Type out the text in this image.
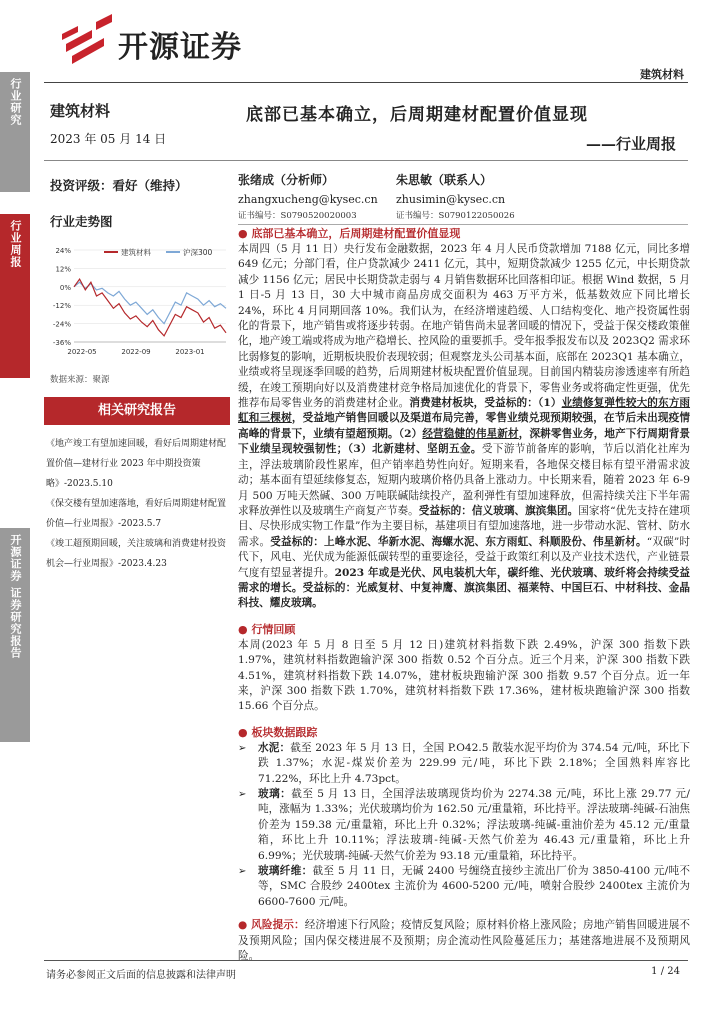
开源证券
建筑材料
行业研究
行业周报
开源证券 证券研究报告
建筑材料
2023 年 05 月 14 日
底部已基本确立，后周期建材配置价值显现
——行业周报
投资评级：看好（维持）	张绪成（分析师）
zhangxucheng@kysec.cn
证书编号：S0790520020003
朱思敏（联系人）
zhusimin@kysec.cn
证书编号：S0790122050026
行业走势图
24%
12%
0%
-12%
-24%
-36%
2022-05	2022-09	2023-01
建筑材料	沪深300
数据来源：聚源
相关研究报告

《地产竣工有望加速回暖，看好后周期建材配置价值—建材行业 2023 年中期投资策略》-2023.5.10

《保交楼有望加速落地，看好后周期建材配置价值—行业周报》-2023.5.7

《竣工超预期回暖，关注玻璃和消费建材投资机会—行业周报》-2023.4.23

● 底部已基本确立，后周期建材配置价值显现

本周四（5 月 11 日）央行发布金融数据，2023 年 4 月人民币贷款增加 7188 亿元，同比多增 649 亿元；分部门看，住户贷款减少 2411 亿元，其中，短期贷款减少 1255 亿元，中长期贷款减少 1156 亿元；居民中长期贷款走弱与 4 月销售数据环比回落相印证。根据 Wind 数据，5 月 1 日-5 月 13 日，30 大中城市商品房成交面积为 463 万平方米，低基数效应下同比增长 24%，环比 4 月同期回落 10%。我们认为，在经济增速趋缓、人口结构变化、地产投资属性弱化的背景下，地产销售或将逐步转弱。在地产销售尚未显著回暖的情况下，受益于保交楼政策催化，地产竣工端或将成为地产稳增长、控风险的重要抓手。受年报季报发布以及 2023Q2 需求环比弱修复的影响，近期板块股价表现较弱；但观察龙头公司基本面，底部在 2023Q1 基本确立，业绩或将呈现逐季回暖的趋势，后周期建材板块配置价值显现。目前国内精装房渗透速率有所趋缓，在竣工预期向好以及消费建材竞争格局加速优化的背景下，零售业务或将确定性更强，优先推荐布局零售业务的消费建材企业。消费建材板块，受益标的：（1）业绩修复弹性较大的东方雨虹和三棵树，受益地产销售回暖以及渠道布局完善，零售业绩兑现预期较强，在节后未出现疫情高峰的背景下，业绩有望超预期。（2）经营稳健的伟星新材，深耕零售业务，地产下行周期背景下业绩呈现较强韧性；（3）北新建材、坚朗五金。受下游节前备库的影响，节后以消化社库为主，浮法玻璃阶段性累库，但产销率趋势性向好。短期来看，各地保交楼目标有望平滑需求波动；基本面有望延续修复态，短期内玻璃价格仍具备上涨动力。中长期来看，随着 2023 年 6-9 月 500 万吨天然碱、300 万吨联碱陆续投产，盈利弹性有望加速释放，但需持续关注下半年需求释放弹性以及玻璃生产商复产节奏。受益标的：信义玻璃、旗滨集团。国家将“优先支持在建项目、尽快形成实物工作量”作为主要目标，基建项目有望加速落地，进一步带动水泥、管材、防水需求。受益标的：上峰水泥、华新水泥、海螺水泥、东方雨虹、科顺股份、伟星新材。“双碳”时代下，风电、光伏成为能源低碳转型的重要途径，受益于政策红利以及产业技术迭代，产业链景气度有望显著提升。2023 年或是光伏、风电装机大年，碳纤维、光伏玻璃、玻纤将会持续受益需求的增长。受益标的：光威复材、中复神鹰、旗滨集团、福莱特、中国巨石、中材科技、金晶科技、耀皮玻璃。

● 行情回顾

本周(2023 年 5 月 8 日至 5 月 12 日)建筑材料指数下跌 2.49%，沪深 300 指数下跌 1.97%，建筑材料指数跑输沪深 300 指数 0.52 个百分点。近三个月来，沪深 300 指数下跌 4.51%，建筑材料指数下跌 14.07%，建材板块跑输沪深 300 指数 9.57 个百分点。近一年来，沪深 300 指数下跌 1.70%，建筑材料指数下跌 17.36%，建材板块跑输沪深 300 指数 15.66 个百分点。

● 板块数据跟踪
➢	水泥：截至 2023 年 5 月 13 日，全国 P.O42.5 散装水泥平均价为 374.54 元/吨，环比下跌 1.37%；水泥-煤炭价差为 229.99 元/吨，环比下跌 2.18%；全国熟料库容比 71.22%，环比上升 4.73pct。
➢	玻璃：截至 5 月 13 日，全国浮法玻璃现货均价为 2274.38 元/吨，环比上涨 29.77 元/吨，涨幅为 1.33%；光伏玻璃均价为 162.50 元/重量箱，环比持平。浮法玻璃-纯碱-石油焦价差为 159.38 元/重量箱，环比上升 0.32%；浮法玻璃-纯碱-重油价差为 45.12 元/重量箱，环比上升 10.11%；浮法玻璃-纯碱-天然气价差为 46.43 元/重量箱，环比上升 6.99%；光伏玻璃-纯碱-天然气价差为 93.18 元/重量箱，环比持平。
➢	玻璃纤维：截至 5 月 11 日，无碱 2400 号缠绕直接纱主流出厂价为 3850-4100 元/吨不等，SMC 合股纱 2400tex 主流价为 4600-5200 元/吨，喷射合股纱 2400tex 主流价为 6600-7600 元/吨。

● 风险提示：经济增速下行风险；疫情反复风险；原材料价格上涨风险；房地产销售回暖进展不及预期风险；国内保交楼进展不及预期；房企流动性风险蔓延压力；基建落地进展不及预期风险。

请务必参阅正文后面的信息披露和法律声明	1 / 24
